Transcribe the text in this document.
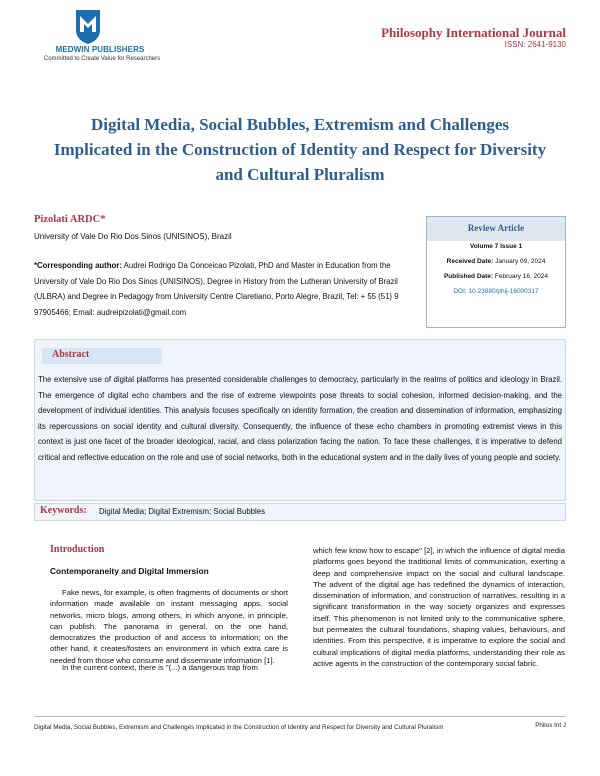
MEDWIN PUBLISHERS
Committed to Create Value for Researchers
Philosophy International Journal
ISSN: 2641-9130
Digital Media, Social Bubbles, Extremism and Challenges Implicated in the Construction of Identity and Respect for Diversity and Cultural Pluralism
Pizolati ARDC*
University of Vale Do Rio Dos Sinos (UNISINOS), Brazil
*Corresponding author: Audrei Rodrigo Da Conceicao Pizolati, PhD and Master in Education from the University of Vale Do Rio Dos Sinos (UNISINOS), Degree in History from the Lutheran University of Brazil (ULBRA) and Degree in Pedagogy from University Centre Claretiano, Porto Alegre, Brazil, Tel: + 55 (51) 9 97905466; Email: audreipizolati@gmail.com
Review Article
Volume 7 Issue 1
Received Date: January 09, 2024
Published Date: February 16, 2024
DOI: 10.23880/phij-16000317
Abstract
The extensive use of digital platforms has presented considerable challenges to democracy, particularly in the realms of politics and ideology in Brazil. The emergence of digital echo chambers and the rise of extreme viewpoints pose threats to social cohesion, informed decision-making, and the development of individual identities. This analysis focuses specifically on identity formation, the creation and dissemination of information, emphasizing its repercussions on social identity and cultural diversity. Consequently, the influence of these echo chambers in promoting extremist views in this context is just one facet of the broader ideological, racial, and class polarization facing the nation. To face these challenges, it is imperative to defend critical and reflective education on the role and use of social networks, both in the educational system and in the daily lives of young people and society.
Keywords: Digital Media; Digital Extremism; Social Bubbles
Introduction
Contemporaneity and Digital Immersion

Fake news, for example, is often fragments of documents or short information made available on instant messaging apps, social networks, micro blogs, among others, in which anyone, in principle, can publish. The panorama in general, on the one hand, democratizes the production of and access to information; on the other hand, it creates/fosters an environment in which extra care is needed from those who consume and disseminate information [1].

In the current context, there is "(...) a dangerous trap from

which few know how to escape" [2], in which the influence of digital media platforms goes beyond the traditional limits of communication, exerting a deep and comprehensive impact on the social and cultural landscape. The advent of the digital age has redefined the dynamics of interaction, dissemination of information, and construction of narratives, resulting in a significant transformation in the way society organizes and expresses itself. This phenomenon is not limited only to the communicative sphere, but permeates the cultural foundations, shaping values, behaviours, and identities. From this perspective, it is imperative to explore the social and cultural implications of digital media platforms, understanding their role as active agents in the construction of the contemporary social fabric.

Digital Media, Social Bubbles, Extremism and Challenges Implicated in the Construction of Identity and Respect for Diversity and Cultural Pluralism	Philos Int J
